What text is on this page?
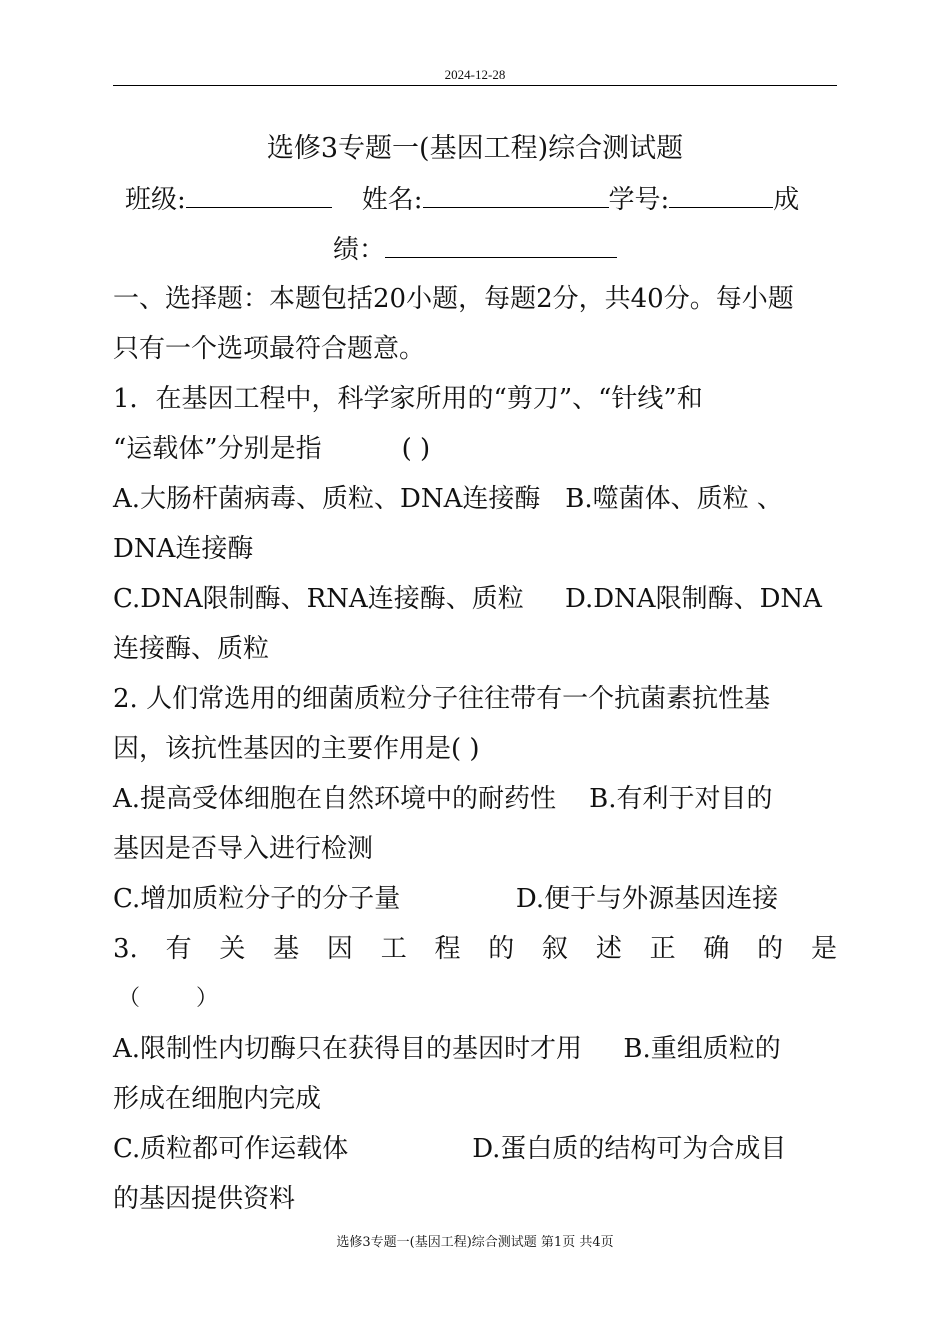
2024-12-28
选修3专题一(基因工程)综合测试题
班级:	姓名:	学号:	成
绩：
一、选择题：本题包括20小题，每题2分，共40分。每小题
只有一个选项最符合题意。
1．在基因工程中，科学家所用的“剪刀”、“针线”和
“运载体”分别是指	( )
A.大肠杆菌病毒、质粒、DNA连接酶   B.噬菌体、质粒 、
DNA连接酶
C.DNA限制酶、RNA连接酶、质粒     D.DNA限制酶、DNA
连接酶、质粒
2. 人们常选用的细菌质粒分子往往带有一个抗菌素抗性基
因，该抗性基因的主要作用是( )
A.提高受体细胞在自然环境中的耐药性    B.有利于对目的
基因是否导入进行检测
C.增加质粒分子的分子量              D.便于与外源基因连接
3. 有 关 基 因 工 程 的 叙 述 正 确 的 是
（        ）
A.限制性内切酶只在获得目的基因时才用     B.重组质粒的
形成在细胞内完成
C.质粒都可作运载体               D.蛋白质的结构可为合成目
的基因提供资料
选修3专题一(基因工程)综合测试题 第1页 共4页
